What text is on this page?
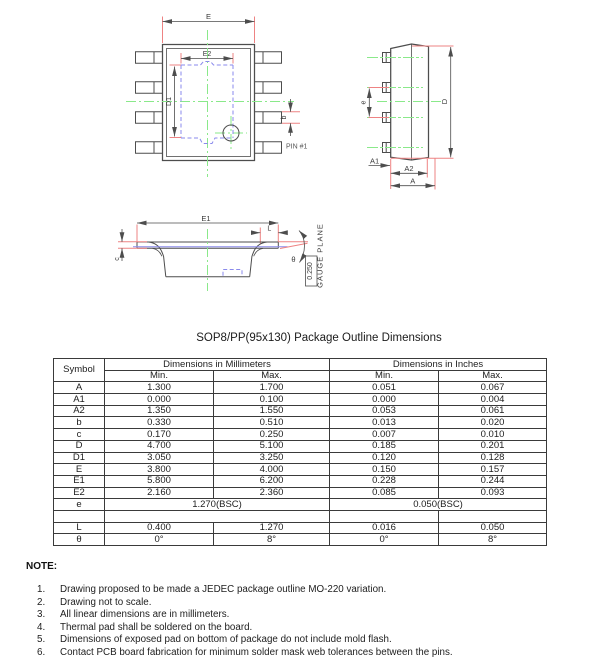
E
E2
D1
b
PIN #1
D
e
A1
A2
A
E1
L
c	θ
0.250 GAUGE PLANE
SOP8/PP(95x130) Package Outline Dimensions
Symbol	Dimensions in Millimeters		Dimensions in Inches	
	Min.	Max.	Min.	Max.
A	1.300	1.700	0.051	0.067
A1	0.000	0.100	0.000	0.004
A2	1.350	1.550	0.053	0.061
b	0.330	0.510	0.013	0.020
c	0.170	0.250	0.007	0.010
D	4.700	5.100	0.185	0.201
D1	3.050	3.250	0.120	0.128
E	3.800	4.000	0.150	0.157
E1	5.800	6.200	0.228	0.244
E2	2.160	2.360	0.085	0.093
e	1.270(BSC)		0.050(BSC)	

L	0.400	1.270	0.016	0.050
θ	0°	8°	0°	8°
NOTE:
1.	Drawing proposed to be made a JEDEC package outline MO-220 variation.
2.	Drawing not to scale.
3.	All linear dimensions are in millimeters.
4.	Thermal pad shall be soldered on the board.
5.	Dimensions of exposed pad on bottom of package do not include mold flash.
6.	Contact PCB board fabrication for minimum solder mask web tolerances between the pins.
